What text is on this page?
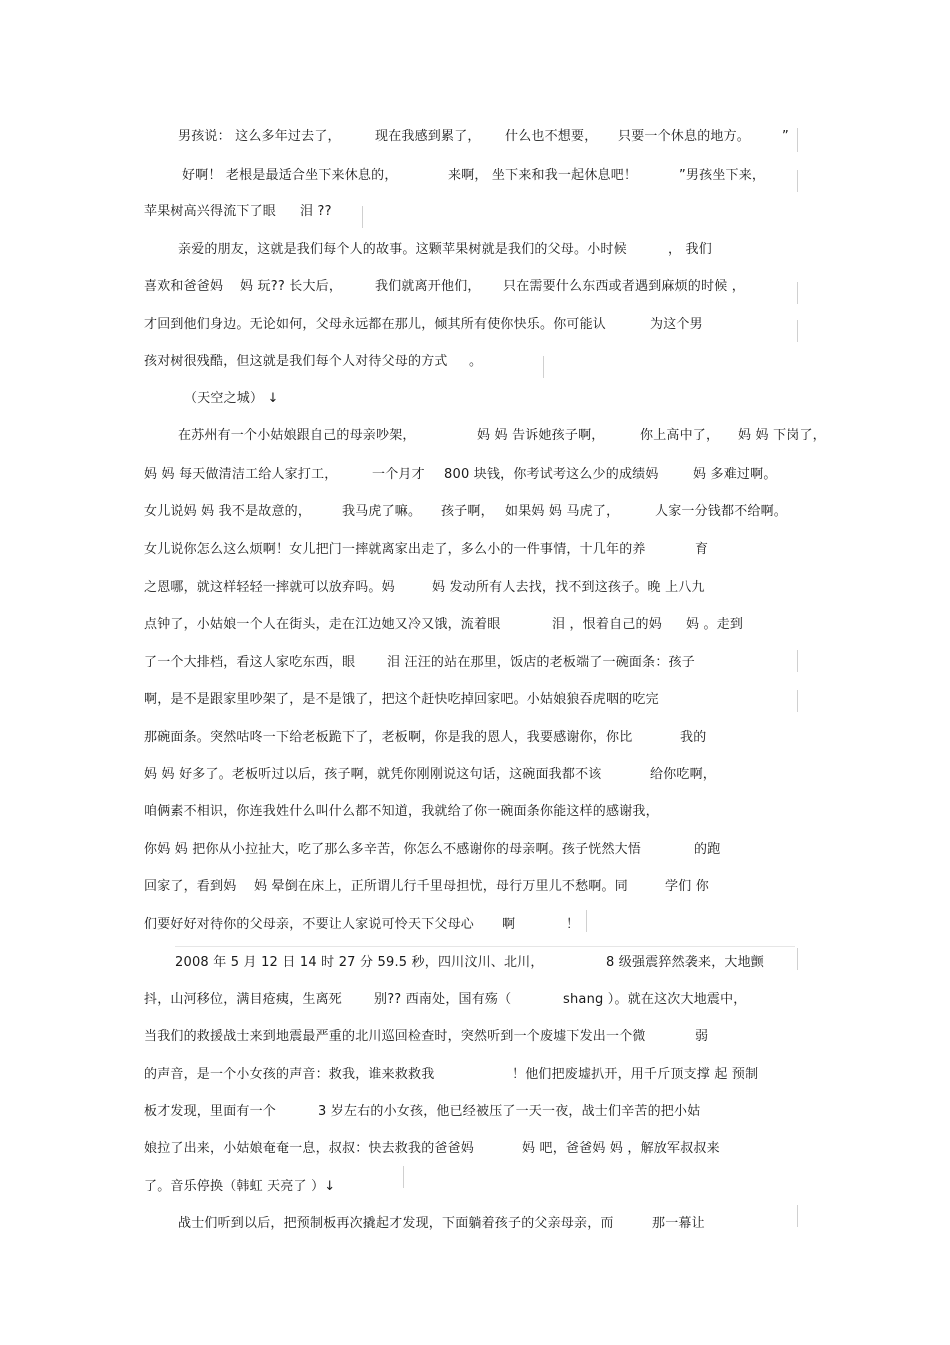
男孩说： 这么多年过去了，	现在我感到累了， 什么也不想要， 只要一个休息的地方。 ”
好啊！ 老根是最适合坐下来休息的，	来啊， 坐下来和我一起休息吧！	”男孩坐下来，
苹果树高兴得流下了眼 泪 ??
亲爱的朋友，这就是我们每个人的故事。这颗苹果树就是我们的父母。小时候	， 我们
喜欢和爸爸妈 妈 玩?? 长大后，	我们就离开他们， 只在需要什么东西或者遇到麻烦的时候 ，
才回到他们身边。无论如何，父母永远都在那儿，倾其所有使你快乐。你可能认	为这个男
孩对树很残酷，但这就是我们每个人对待父母的方式 。
（天空之城） ↓
在苏州有一个小姑娘跟自己的母亲吵架，	妈 妈 告诉她孩子啊，	你上高中了， 妈 妈 下岗了，
妈 妈 每天做清洁工给人家打工，	一个月才 800 块钱，你考试考这么少的成绩妈	妈 多难过啊。
女儿说妈 妈 我不是故意的， 我马虎了嘛。 孩子啊， 如果妈 妈 马虎了，	人家一分钱都不给啊。
女儿说你怎么这么烦啊！女儿把门一摔就离家出走了，多么小的一件事情，十几年的养	育
之恩哪，就这样轻轻一摔就可以放弃吗。妈	妈 发动所有人去找，找不到这孩子。晚 上八九
点钟了，小姑娘一个人在街头，走在江边她又冷又饿，流着眼	泪 ，恨着自己的妈 妈 。走到
了一个大排档，看这人家吃东西，眼 泪 汪汪的站在那里，饭店的老板端了一碗面条：孩子
啊，是不是跟家里吵架了，是不是饿了，把这个赶快吃掉回家吧。小姑娘狼吞虎咽的吃完
那碗面条。突然咕咚一下给老板跪下了，老板啊，你是我的恩人，我要感谢你，你比	我的
妈 妈 好多了。老板听过以后，孩子啊，就凭你刚刚说这句话，这碗面我都不该	给你吃啊，
咱俩素不相识，你连我姓什么叫什么都不知道，我就给了你一碗面条你能这样的感谢我，
你妈 妈 把你从小拉扯大，吃了那么多辛苦，你怎么不感谢你的母亲啊。孩子恍然大悟	的跑
回家了，看到妈 妈 晕倒在床上，正所谓儿行千里母担忧，母行万里儿不愁啊。同	学们 你
们要好好对待你的父母亲，不要让人家说可怜天下父母心 啊	！
2008 年 5 月 12 日 14 时 27 分 59.5 秒，四川汶川、北川，	8 级强震猝然袭来，大地颤
抖，山河移位，满目疮痍，生离死 别?? 西南处，国有殇（	shang ）。就在这次大地震中，
当我们的救援战士来到地震最严重的北川巡回检查时，突然听到一个废墟下发出一个微	弱
的声音，是一个小女孩的声音：救我，谁来救救我	！他们把废墟扒开，用千斤顶支撑 起 预制
板才发现，里面有一个	3 岁左右的小女孩，他已经被压了一天一夜，战士们辛苦的把小姑
娘拉了出来，小姑娘奄奄一息，叔叔：快去救我的爸爸妈	妈 吧，爸爸妈 妈 ，解放军叔叔来
了。音乐停换（韩虹 天亮了 ）↓
战士们听到以后，把预制板再次撬起才发现，下面躺着孩子的父亲母亲，而	那一幕让
